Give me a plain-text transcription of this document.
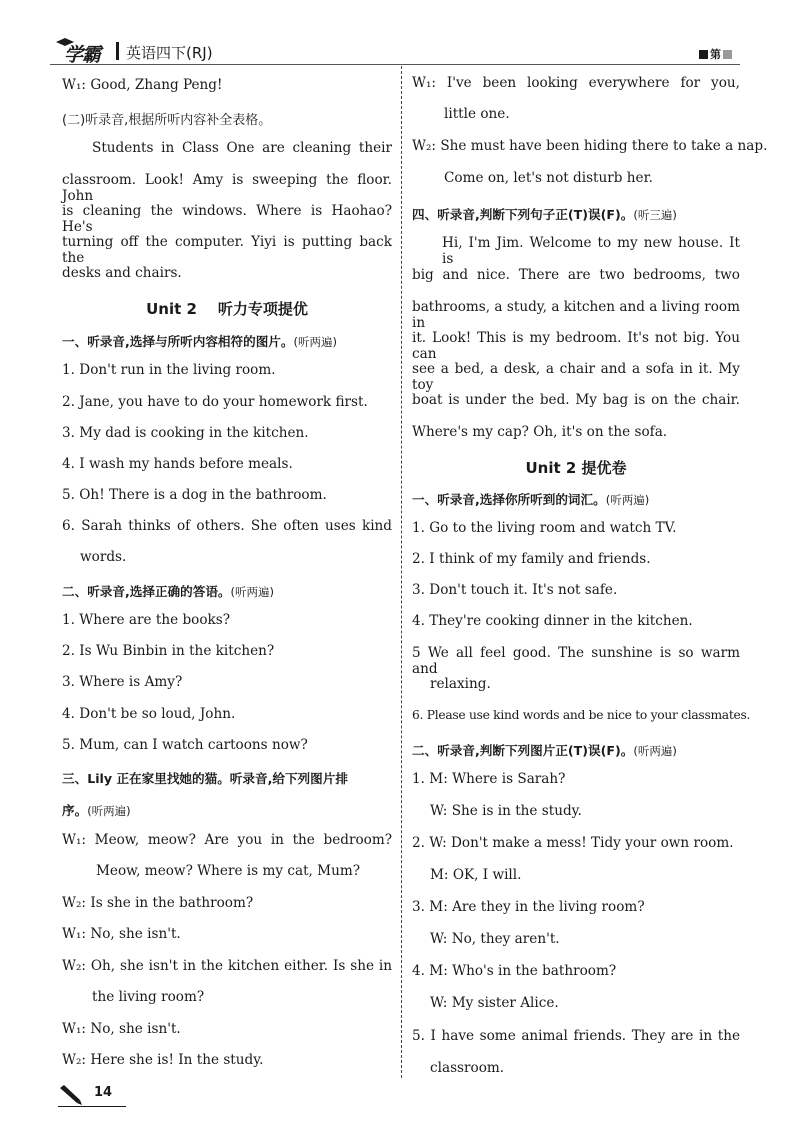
学霸 英语四下(RJ)	第
W₁: Good, Zhang Peng!
(二)听录音,根据所听内容补全表格。
Students in Class One are cleaning their
classroom. Look! Amy is sweeping the floor. John
is cleaning the windows. Where is Haohao? He's
turning off the computer. Yiyi is putting back the
desks and chairs.
Unit 2    听力专项提优
一、听录音,选择与所听内容相符的图片。(听两遍)
1. Don't run in the living room.
2. Jane, you have to do your homework first.
3. My dad is cooking in the kitchen.
4. I wash my hands before meals.
5. Oh! There is a dog in the bathroom.
6. Sarah thinks of others. She often uses kind
words.
二、听录音,选择正确的答语。(听两遍)
1. Where are the books?
2. Is Wu Binbin in the kitchen?
3. Where is Amy?
4. Don't be so loud, John.
5. Mum, can I watch cartoons now?
三、Lily 正在家里找她的猫。听录音,给下列图片排
序。(听两遍)
W₁: Meow, meow? Are you in the bedroom?
Meow, meow? Where is my cat, Mum?
W₂: Is she in the bathroom?
W₁: No, she isn't.
W₂: Oh, she isn't in the kitchen either. Is she in
the living room?
W₁: No, she isn't.
W₂: Here she is! In the study.
W₁: I've been looking everywhere for you,
little one.
W₂: She must have been hiding there to take a nap.
Come on, let's not disturb her.
四、听录音,判断下列句子正(T)误(F)。(听三遍)
Hi, I'm Jim. Welcome to my new house. It is
big and nice. There are two bedrooms, two
bathrooms, a study, a kitchen and a living room in
it. Look! This is my bedroom. It's not big. You can
see a bed, a desk, a chair and a sofa in it. My toy
boat is under the bed. My bag is on the chair.
Where's my cap? Oh, it's on the sofa.
Unit 2 提优卷
一、听录音,选择你所听到的词汇。(听两遍)
1. Go to the living room and watch TV.
2. I think of my family and friends.
3. Don't touch it. It's not safe.
4. They're cooking dinner in the kitchen.
5 We all feel good. The sunshine is so warm and
relaxing.
6. Please use kind words and be nice to your classmates.
二、听录音,判断下列图片正(T)误(F)。(听两遍)
1. M: Where is Sarah?
W: She is in the study.
2. W: Don't make a mess! Tidy your own room.
M: OK, I will.
3. M: Are they in the living room?
W: No, they aren't.
4. M: Who's in the bathroom?
W: My sister Alice.
5. I have some animal friends. They are in the
classroom.
14
